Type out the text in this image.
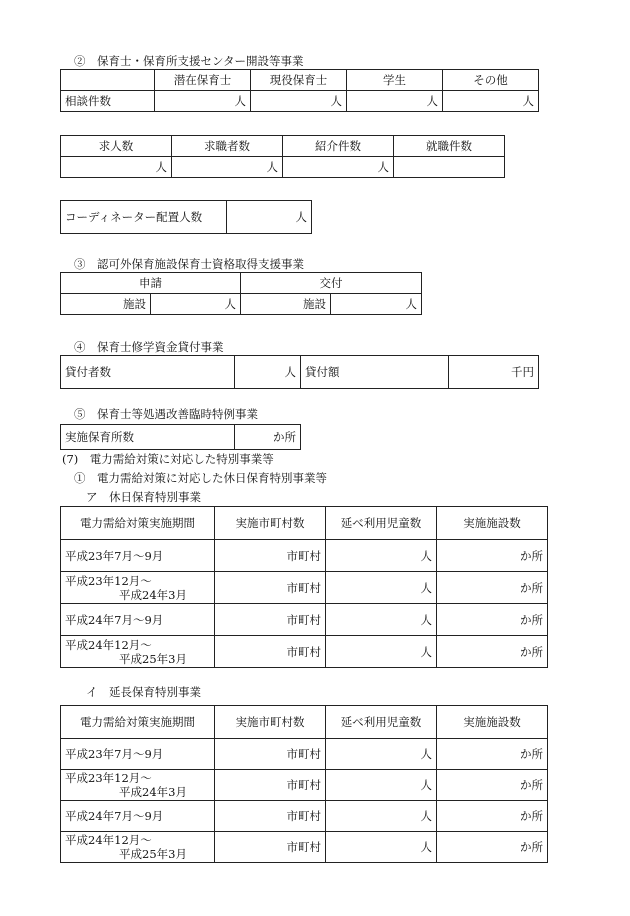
②　保育士・保育所支援センター開設等事業
	潜在保育士	現役保育士	学生	その他
相談件数	人	人	人	人
求人数	求職者数	紹介件数	就職件数
人	人	人	
コーディネーター配置人数	人
③　認可外保育施設保育士資格取得支援事業
申請		交付	
施設	人	施設	人
④　保育士修学資金貸付事業
貸付者数	人	貸付額	千円
⑤　保育士等処遇改善臨時特例事業
実施保育所数	か所
(7)　電力需給対策に対応した特別事業等
①　電力需給対策に対応した休日保育特別事業等
ア　休日保育特別事業
電力需給対策実施期間	実施市町村数	延べ利用児童数	実施施設数
平成23年7月～9月	市町村	人	か所
平成23年12月～
平成24年3月	市町村	人	か所
平成24年7月～9月	市町村	人	か所
平成24年12月～
平成25年3月	市町村	人	か所
イ　延長保育特別事業
電力需給対策実施期間	実施市町村数	延べ利用児童数	実施施設数
平成23年7月～9月	市町村	人	か所
平成23年12月～
平成24年3月	市町村	人	か所
平成24年7月～9月	市町村	人	か所
平成24年12月～
平成25年3月	市町村	人	か所
